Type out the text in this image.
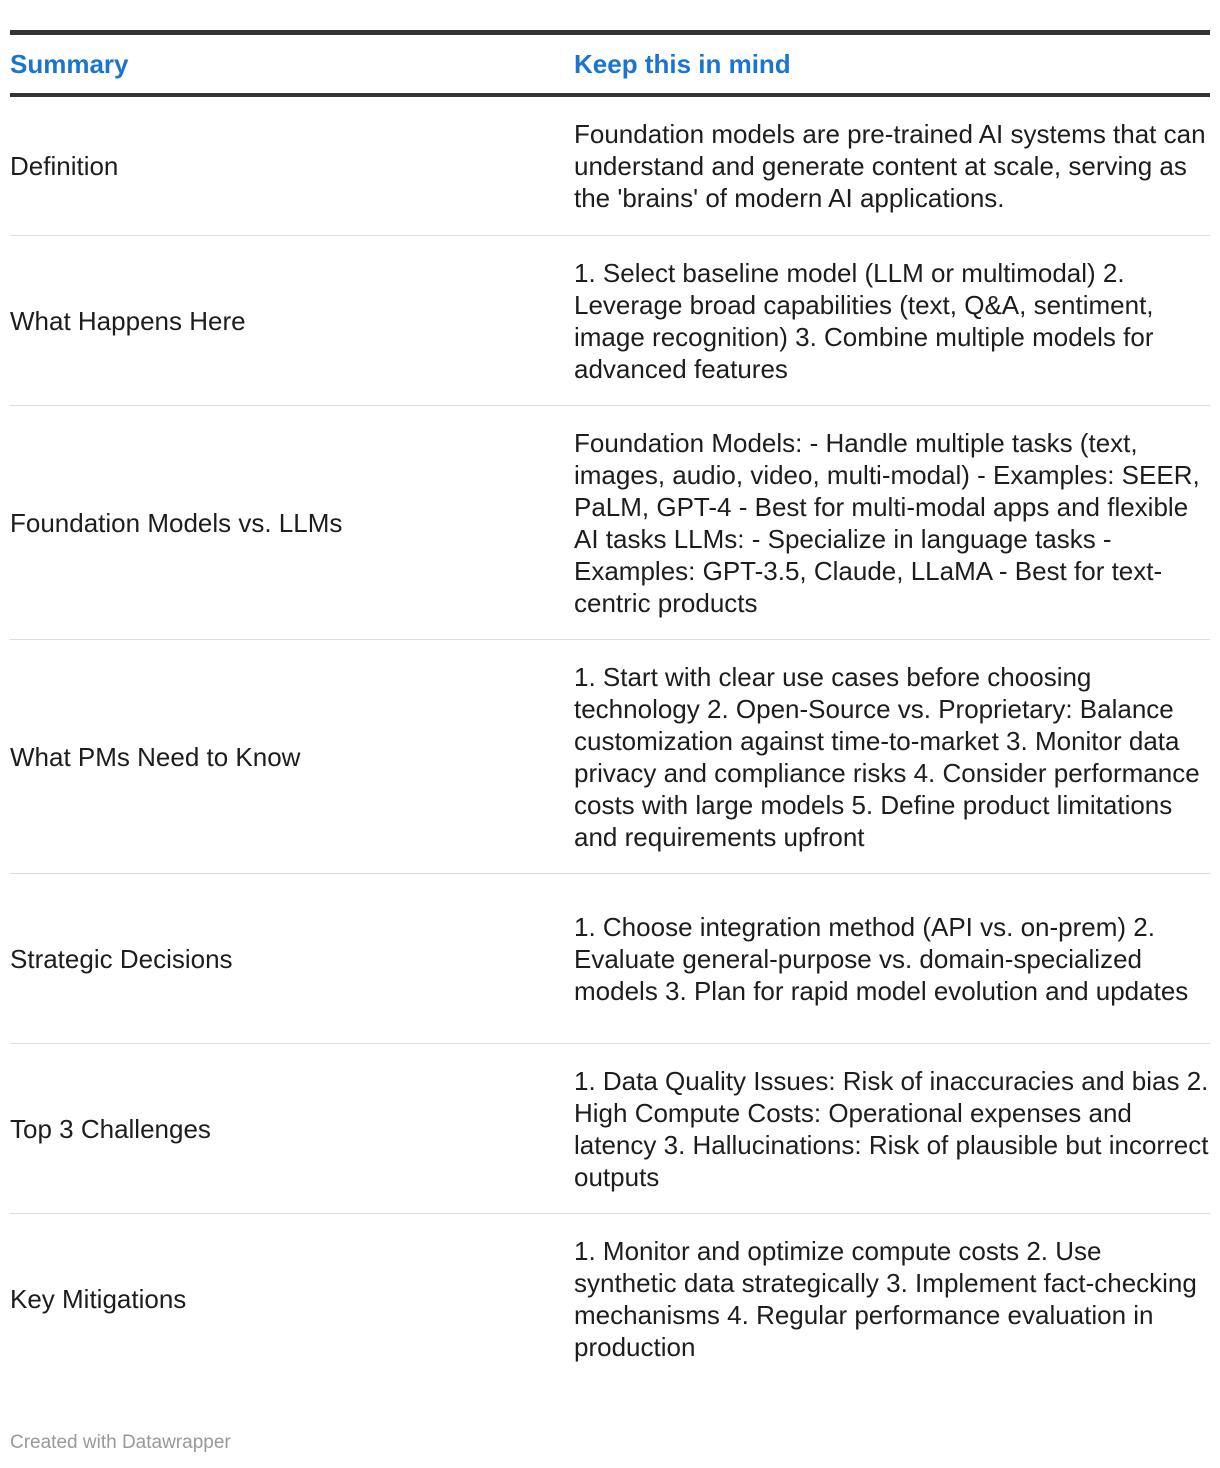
Summary	Keep this in mind
Definition
Foundation models are pre-trained AI systems that can understand and generate content at scale, serving as the 'brains' of modern AI applications.
What Happens Here
1. Select baseline model (LLM or multimodal) 2. Leverage broad capabilities (text, Q&A, sentiment, image recognition) 3. Combine multiple models for advanced features
Foundation Models vs. LLMs
Foundation Models: - Handle multiple tasks (text, images, audio, video, multi-modal) - Examples: SEER, PaLM, GPT-4 - Best for multi-modal apps and flexible AI tasks LLMs: - Specialize in language tasks - Examples: GPT-3.5, Claude, LLaMA - Best for text-centric products
What PMs Need to Know
1. Start with clear use cases before choosing technology 2. Open-Source vs. Proprietary: Balance customization against time-to-market 3. Monitor data privacy and compliance risks 4. Consider performance costs with large models 5. Define product limitations and requirements upfront
Strategic Decisions
1. Choose integration method (API vs. on-prem) 2. Evaluate general-purpose vs. domain-specialized models 3. Plan for rapid model evolution and updates
Top 3 Challenges
1. Data Quality Issues: Risk of inaccuracies and bias 2. High Compute Costs: Operational expenses and latency 3. Hallucinations: Risk of plausible but incorrect outputs
Key Mitigations
1. Monitor and optimize compute costs 2. Use synthetic data strategically 3. Implement fact-checking mechanisms 4. Regular performance evaluation in production
Created with Datawrapper
